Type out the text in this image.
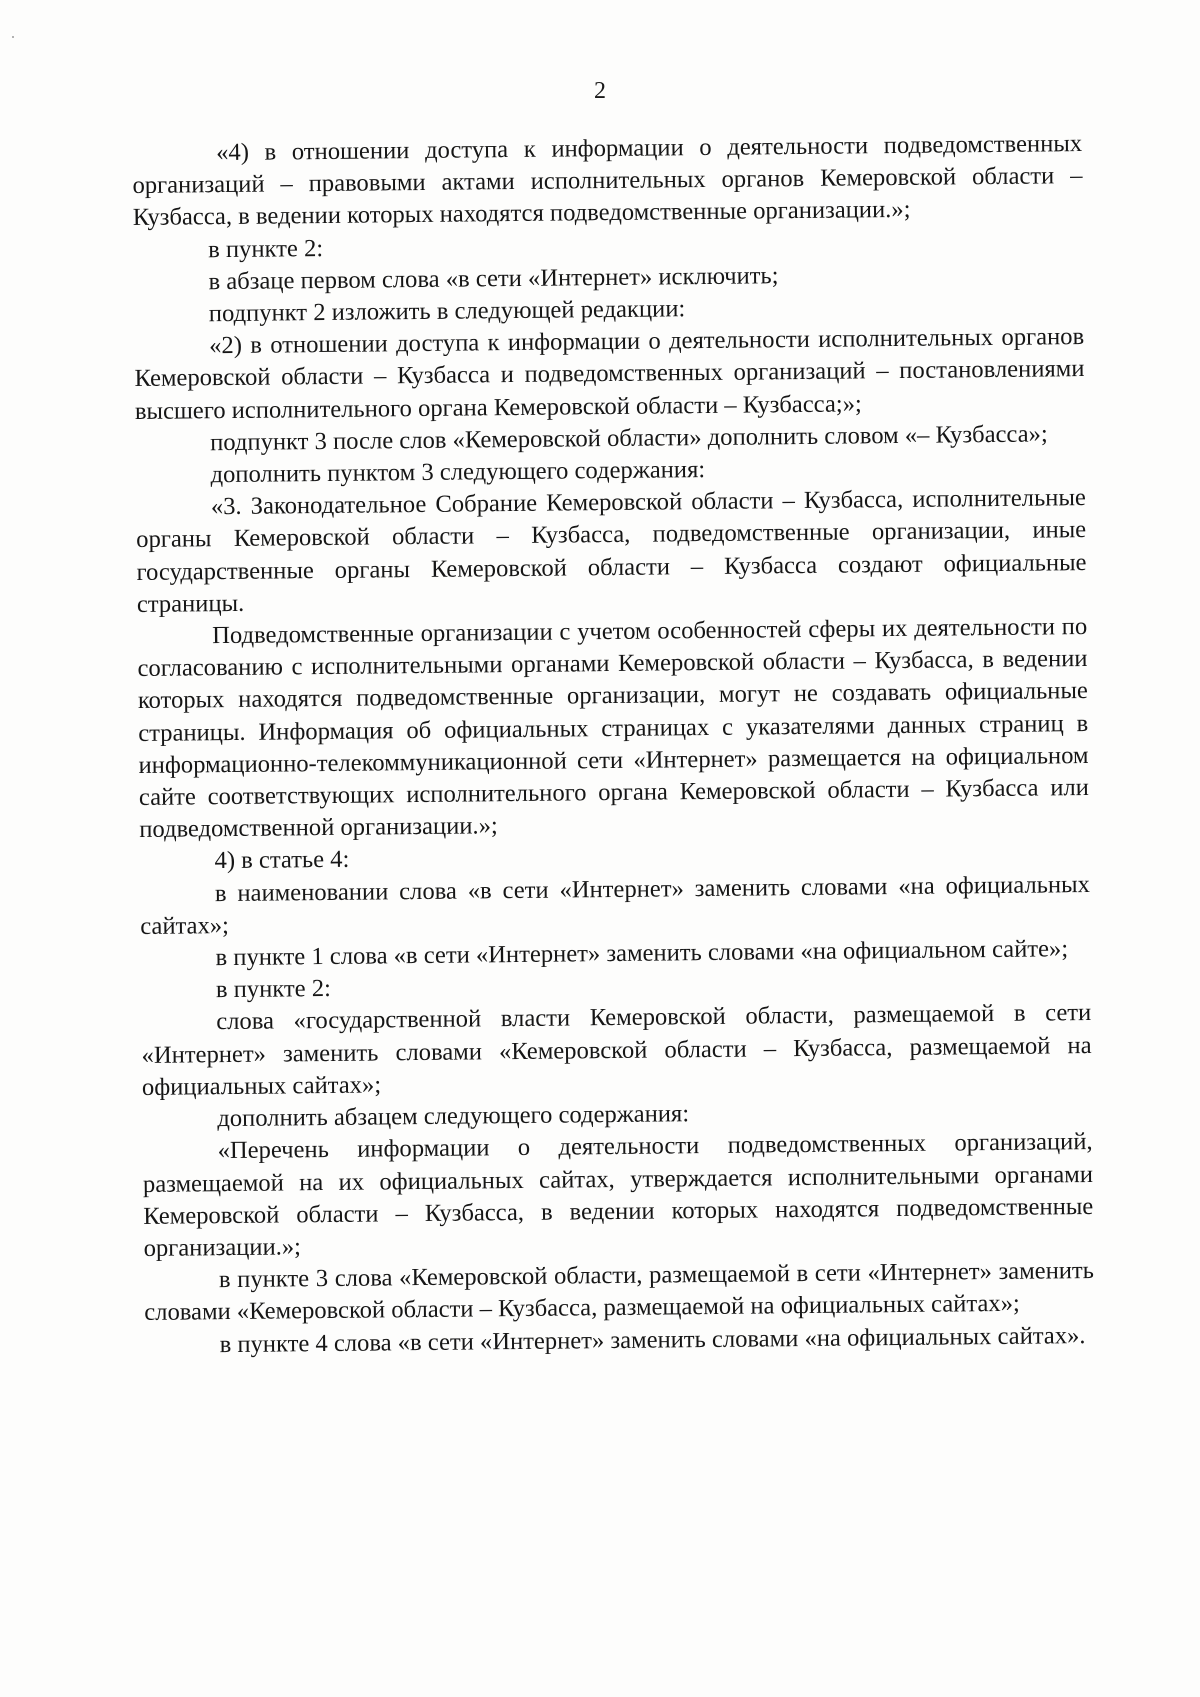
2

«4) в отношении доступа к информации о деятельности подведомственных организаций – правовыми актами исполнительных органов Кемеровской области – Кузбасса, в ведении которых находятся подведомственные организации.»;

в пункте 2:

в абзаце первом слова «в сети «Интернет» исключить;

подпункт 2 изложить в следующей редакции:

«2) в отношении доступа к информации о деятельности исполнительных органов Кемеровской области – Кузбасса и подведомственных организаций – постановлениями высшего исполнительного органа Кемеровской области – Кузбасса;»;

подпункт 3 после слов «Кемеровской области» дополнить словом «– Кузбасса»;

дополнить пунктом 3 следующего содержания:

«3. Законодательное Собрание Кемеровской области – Кузбасса, исполнительные органы Кемеровской области – Кузбасса, подведомственные организации, иные государственные органы Кемеровской области – Кузбасса создают официальные страницы.

Подведомственные организации с учетом особенностей сферы их деятельности по согласованию с исполнительными органами Кемеровской области – Кузбасса, в ведении которых находятся подведомственные организации, могут не создавать официальные страницы. Информация об официальных страницах с указателями данных страниц в информационно-телекоммуникационной сети «Интернет» размещается на официальном сайте соответствующих исполнительного органа Кемеровской области – Кузбасса или подведомственной организации.»;

4) в статье 4:

в наименовании слова «в сети «Интернет» заменить словами «на официальных сайтах»;

в пункте 1 слова «в сети «Интернет» заменить словами «на официальном сайте»;

в пункте 2:

слова «государственной власти Кемеровской области, размещаемой в сети «Интернет» заменить словами «Кемеровской области – Кузбасса, размещаемой на официальных сайтах»;

дополнить абзацем следующего содержания:

«Перечень информации о деятельности подведомственных организаций, размещаемой на их официальных сайтах, утверждается исполнительными органами Кемеровской области – Кузбасса, в ведении которых находятся подведомственные организации.»;

в пункте 3 слова «Кемеровской области, размещаемой в сети «Интернет» заменить словами «Кемеровской области – Кузбасса, размещаемой на официальных сайтах»;

в пункте 4 слова «в сети «Интернет» заменить словами «на официальных сайтах».
